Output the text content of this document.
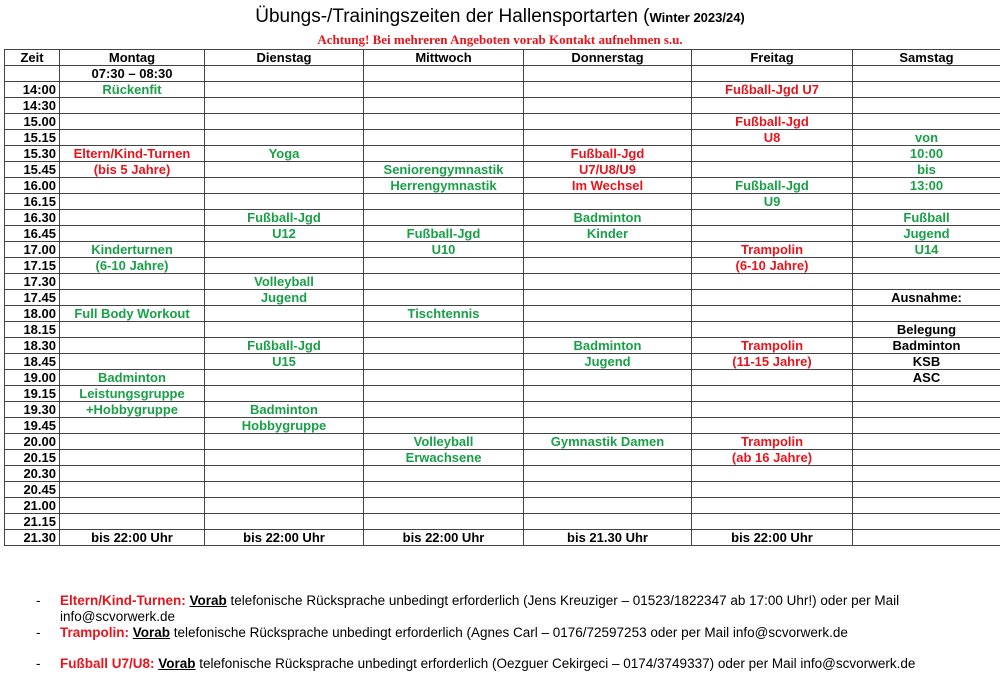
Übungs-/Trainingszeiten der Hallensportarten (Winter 2023/24)
Achtung! Bei mehreren Angeboten vorab Kontakt aufnehmen s.u.
Zeit	Montag	Dienstag	Mittwoch	Donnerstag	Freitag	Samstag
	07:30 – 08:30					
14:00	Rückenfit				Fußball-Jgd U7	
14:30						
15.00					Fußball-Jgd	
15.15					U8	von
15.30	Eltern/Kind-Turnen	Yoga		Fußball-Jgd		10:00
15.45	(bis 5 Jahre)		Seniorengymnastik	U7/U8/U9		bis
16.00			Herrengymnastik	Im Wechsel	Fußball-Jgd	13:00
16.15					U9	
16.30		Fußball-Jgd		Badminton		Fußball
16.45		U12	Fußball-Jgd	Kinder		Jugend
17.00	Kinderturnen		U10		Trampolin	U14
17.15	(6-10 Jahre)				(6-10 Jahre)	
17.30		Volleyball				
17.45		Jugend				Ausnahme:
18.00	Full Body Workout		Tischtennis			
18.15						Belegung
18.30		Fußball-Jgd		Badminton	Trampolin	Badminton
18.45		U15		Jugend	(11-15 Jahre)	KSB
19.00	Badminton					ASC
19.15	Leistungsgruppe					
19.30	+Hobbygruppe	Badminton				
19.45		Hobbygruppe				
20.00			Volleyball	Gymnastik Damen	Trampolin	
20.15			Erwachsene		(ab 16 Jahre)	
20.30						
20.45						
21.00						
21.15						
21.30	bis 22:00 Uhr	bis 22:00 Uhr	bis 22:00 Uhr	bis 21.30 Uhr	bis 22:00 Uhr	
- Eltern/Kind-Turnen: Vorab telefonische Rücksprache unbedingt erforderlich (Jens Kreuziger – 01523/1822347 ab 17:00 Uhr!) oder per Mail
info@scvorwerk.de
- Trampolin: Vorab telefonische Rücksprache unbedingt erforderlich (Agnes Carl – 0176/72597253 oder per Mail info@scvorwerk.de
- Fußball U7/U8: Vorab telefonische Rücksprache unbedingt erforderlich (Oezguer Cekirgeci – 0174/3749337) oder per Mail info@scvorwerk.de
